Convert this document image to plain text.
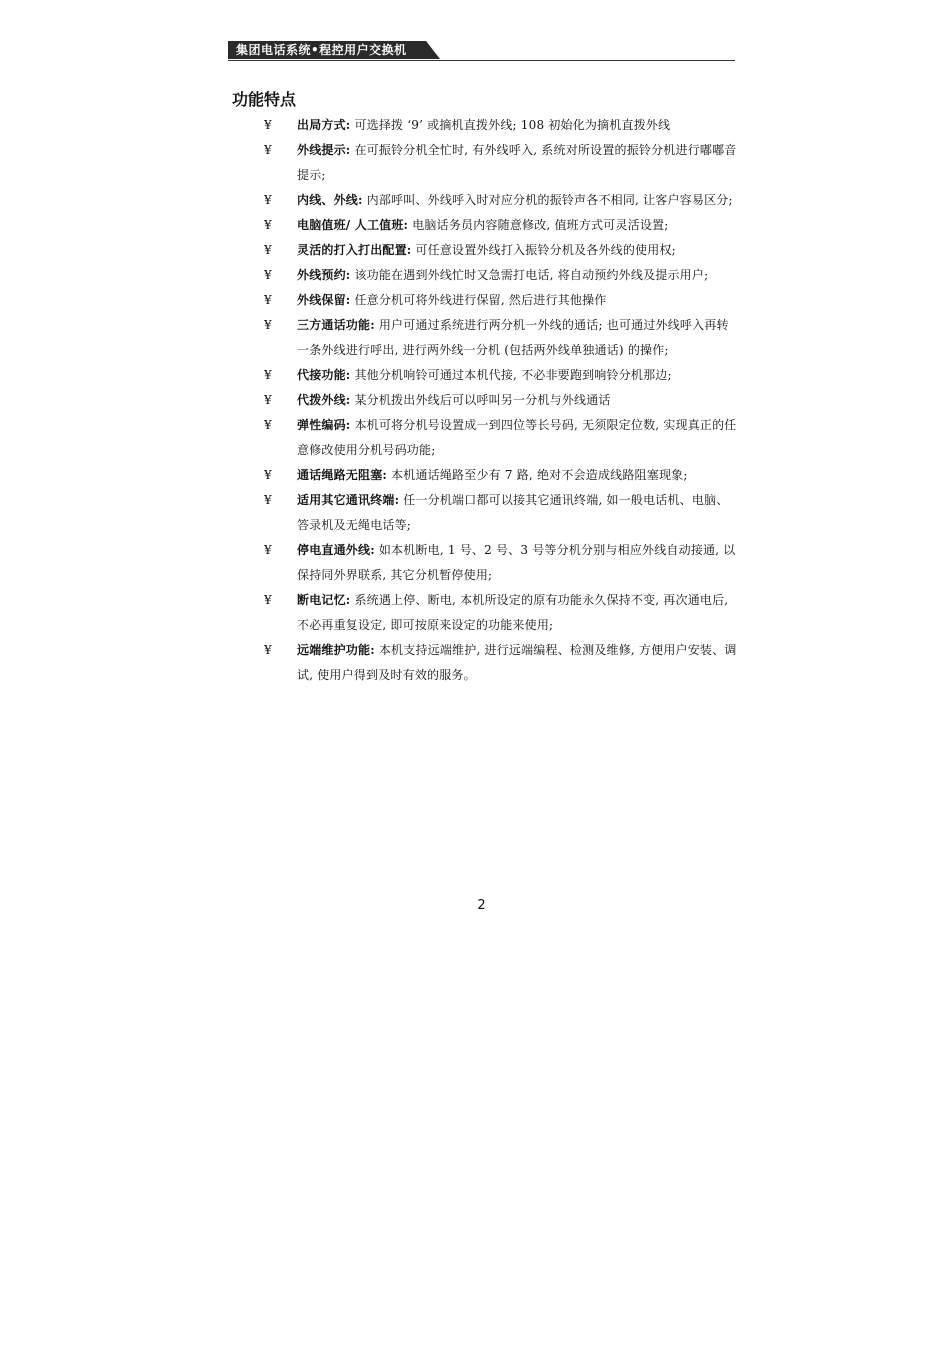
集团电话系统•程控用户交换机
功能特点
¥ 出局方式: 可选择拨 ‘9’ 或摘机直拨外线; 108 初始化为摘机直拨外线
¥ 外线提示: 在可振铃分机全忙时, 有外线呼入, 系统对所设置的振铃分机进行嘟嘟音提示;
¥ 内线、外线: 内部呼叫、外线呼入时对应分机的振铃声各不相同, 让客户容易区分;
¥ 电脑值班/ 人工值班: 电脑话务员内容随意修改, 值班方式可灵活设置;
¥ 灵活的打入打出配置: 可任意设置外线打入振铃分机及各外线的使用权;
¥ 外线预约: 该功能在遇到外线忙时又急需打电话, 将自动预约外线及提示用户;
¥ 外线保留: 任意分机可将外线进行保留, 然后进行其他操作
¥ 三方通话功能: 用户可通过系统进行两分机一外线的通话; 也可通过外线呼入再转一条外线进行呼出, 进行两外线一分机 (包括两外线单独通话) 的操作;
¥ 代接功能: 其他分机响铃可通过本机代接, 不必非要跑到响铃分机那边;
¥ 代拨外线: 某分机拨出外线后可以呼叫另一分机与外线通话
¥ 弹性编码: 本机可将分机号设置成一到四位等长号码, 无须限定位数, 实现真正的任意修改使用分机号码功能;
¥ 通话绳路无阻塞: 本机通话绳路至少有 7 路, 绝对不会造成线路阻塞现象;
¥ 适用其它通讯终端: 任一分机端口都可以接其它通讯终端, 如一般电话机、电脑、答录机及无绳电话等;
¥ 停电直通外线: 如本机断电, 1 号、2 号、3 号等分机分别与相应外线自动接通, 以保持同外界联系, 其它分机暂停使用;
¥ 断电记忆: 系统遇上停、断电, 本机所设定的原有功能永久保持不变, 再次通电后, 不必再重复设定, 即可按原来设定的功能来使用;
¥ 远端维护功能: 本机支持远端维护, 进行远端编程、检测及维修, 方便用户安装、调试, 使用户得到及时有效的服务。
2
